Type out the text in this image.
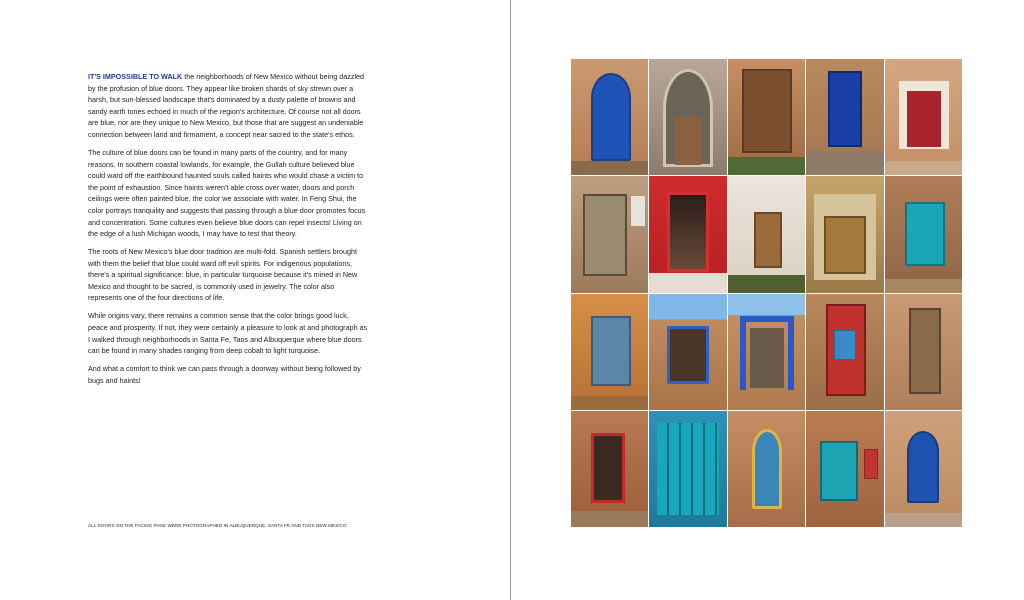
IT'S IMPOSSIBLE TO WALK the neighborhoods of New Mexico without being dazzled by the profusion of blue doors. They appear like broken shards of sky strewn over a harsh, but sun-blessed landscape that's dominated by a dusty palette of browns and sandy earth tones echoed in much of the region's architecture. Of course not all doors are blue, nor are they unique to New Mexico, but those that are suggest an undeniable connection between land and firmament, a concept near sacred to the state's ethos.

The culture of blue doors can be found in many parts of the country, and for many reasons. In southern coastal lowlands, for example, the Gullah culture believed blue could ward off the earthbound haunted souls called haints who would chase a victim to the point of exhaustion. Since haints weren't able cross over water, doors and porch ceilings were often painted blue, the color we associate with water. In Feng Shui, the color portrays tranquility and suggests that passing through a blue door promotes focus and concentration. Some cultures even believe blue doors can repel insects! Living on the edge of a lush Michigan woods, I may have to test that theory.

The roots of New Mexico's blue door tradition are multi-fold. Spanish settlers brought with them the belief that blue could ward off evil spirits. For indigenous populations, there's a spiritual significance: blue, in particular turquoise because it's mined in New Mexico and thought to be sacred, is commonly used in jewelry. The color also represents one of the four directions of life.

While origins vary, there remains a common sense that the color brings good luck, peace and prosperity. If not, they were certainly a pleasure to look at and photograph as I walked through neighborhoods in Santa Fe, Taos and Albuquerque where blue doors can be found in many shades ranging from deep cobalt to light turquoise.

And what a comfort to think we can pass through a doorway without being followed by bugs and haints!

ALL DOORS ON THE FACING PAGE WERE PHOTOGRAPHED IN ALBUQUERQUE, SANTA FE AND TAOS NEW MEXICO
